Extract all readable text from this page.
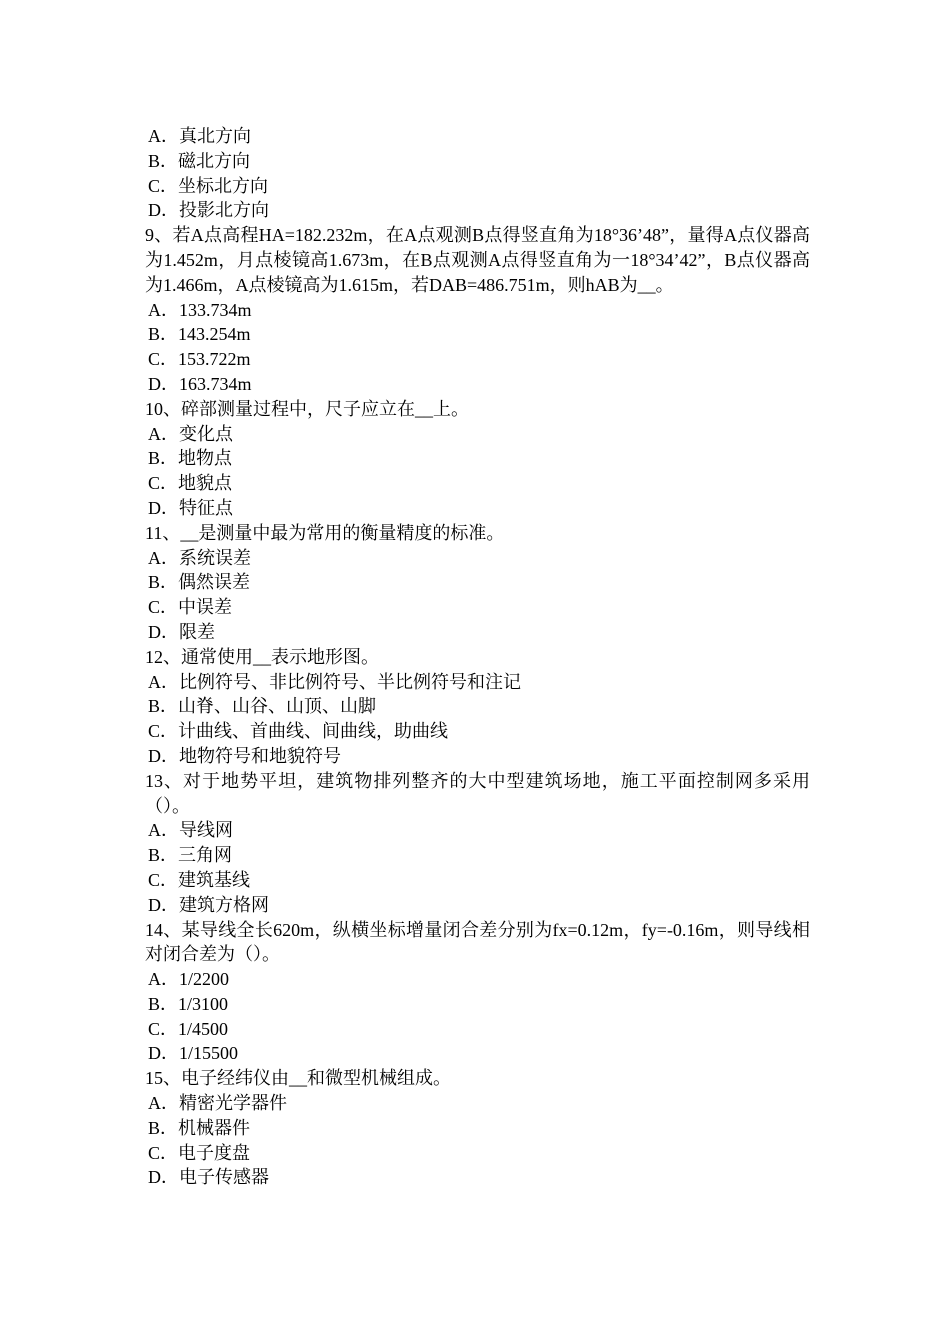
A．真北方向
B．磁北方向
C．坐标北方向
D．投影北方向
9、若A点高程HA=182.232m，在A点观测B点得竖直角为18°36’48”，量得A点仪器高为1.452m，月点棱镜高1.673m，在B点观测A点得竖直角为一18°34’42”，B点仪器高为1.466m，A点棱镜高为1.615m，若DAB=486.751m，则hAB为__。
A．133.734m
B．143.254m
C．153.722m
D．163.734m
10、碎部测量过程中，尺子应立在__上。
A．变化点
B．地物点
C．地貌点
D．特征点
11、__是测量中最为常用的衡量精度的标准。
A．系统误差
B．偶然误差
C．中误差
D．限差
12、通常使用__表示地形图。
A．比例符号、非比例符号、半比例符号和注记
B．山脊、山谷、山顶、山脚
C．计曲线、首曲线、间曲线，助曲线
D．地物符号和地貌符号
13、对于地势平坦，建筑物排列整齐的大中型建筑场地，施工平面控制网多采用（）。
A．导线网
B．三角网
C．建筑基线
D．建筑方格网
14、某导线全长620m，纵横坐标增量闭合差分别为fx=0.12m，fy=-0.16m，则导线相对闭合差为（）。
A．1/2200
B．1/3100
C．1/4500
D．1/15500
15、电子经纬仪由__和微型机械组成。
A．精密光学器件
B．机械器件
C．电子度盘
D．电子传感器
